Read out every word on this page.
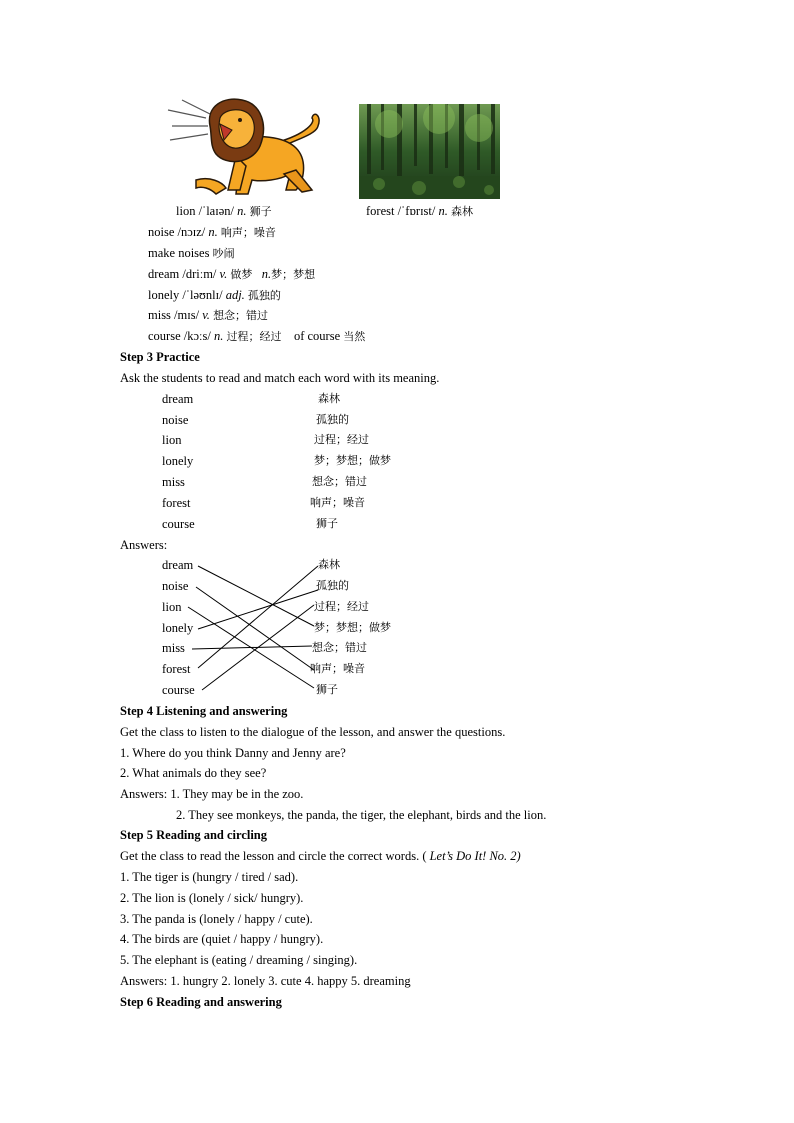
lion /ˈlaɪən/ n. 狮子	forest /ˈfɒrɪst/ n. 森林
noise /nɔɪz/ n. 响声；噪音
make noises 吵闹
dream /driːm/ v. 做梦 n.梦；梦想
lonely /ˈləʊnlɪ/ adj. 孤独的
miss /mɪs/ v. 想念；错过
course /kɔːs/ n. 过程；经过 of course 当然
Step 3 Practice
Ask the students to read and match each word with its meaning.
dream
noise
lion
lonely
miss
forest
course
森林
孤独的
过程；经过
梦；梦想；做梦
想念；错过
响声；噪音
狮子
Answers:
dream
noise
lion
lonely
miss
forest
course
森林
孤独的
过程；经过
梦；梦想；做梦
想念；错过
响声；噪音
狮子
Step 4 Listening and answering
Get the class to listen to the dialogue of the lesson, and answer the questions.
1. Where do you think Danny and Jenny are?
2. What animals do they see?
Answers: 1. They may be in the zoo.
2. They see monkeys, the panda, the tiger, the elephant, birds and the lion.
Step 5 Reading and circling
Get the class to read the lesson and circle the correct words. ( Let’s Do It! No. 2)
1. The tiger is (hungry / tired / sad).
2. The lion is (lonely / sick/ hungry).
3. The panda is (lonely / happy / cute).
4. The birds are (quiet / happy / hungry).
5. The elephant is (eating / dreaming / singing).
Answers: 1. hungry 2. lonely 3. cute 4. happy 5. dreaming
Step 6 Reading and answering
